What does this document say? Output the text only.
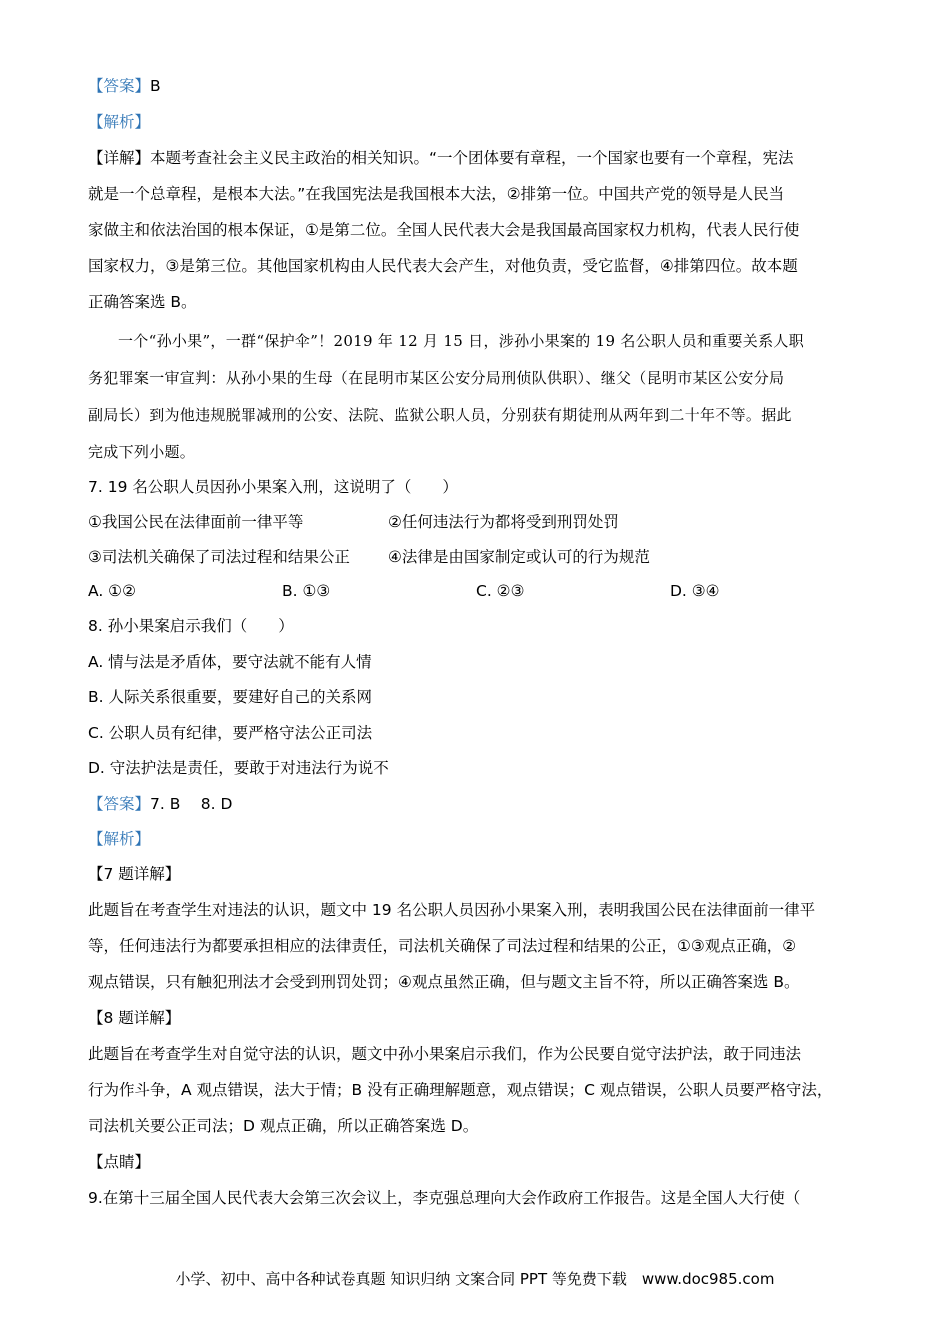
【答案】B
【解析】
【详解】本题考查社会主义民主政治的相关知识。“一个团体要有章程，一个国家也要有一个章程，宪法
就是一个总章程，是根本大法。”在我国宪法是我国根本大法，②排第一位。中国共产党的领导是人民当
家做主和依法治国的根本保证，①是第二位。全国人民代表大会是我国最高国家权力机构，代表人民行使
国家权力，③是第三位。其他国家机构由人民代表大会产生，对他负责，受它监督，④排第四位。故本题
正确答案选 B。
一个“孙小果”，一群“保护伞”！2019 年 12 月 15 日，涉孙小果案的 19 名公职人员和重要关系人职
务犯罪案一审宣判：从孙小果的生母（在昆明市某区公安分局刑侦队供职）、继父（昆明市某区公安分局
副局长）到为他违规脱罪减刑的公安、法院、监狱公职人员，分别获有期徒刑从两年到二十年不等。据此
完成下列小题。
7. 19 名公职人员因孙小果案入刑，这说明了（　　）
①我国公民在法律面前一律平等	②任何违法行为都将受到刑罚处罚
③司法机关确保了司法过程和结果公正 ④法律是由国家制定或认可的行为规范
A. ①②	B. ①③	C. ②③	D. ③④
8. 孙小果案启示我们（　　）
A. 情与法是矛盾体，要守法就不能有人情
B. 人际关系很重要，要建好自己的关系网
C. 公职人员有纪律，要严格守法公正司法
D. 守法护法是责任，要敢于对违法行为说不
【答案】7. B　 8. D
【解析】
【7 题详解】
此题旨在考查学生对违法的认识，题文中 19 名公职人员因孙小果案入刑，表明我国公民在法律面前一律平
等，任何违法行为都要承担相应的法律责任，司法机关确保了司法过程和结果的公正，①③观点正确，②
观点错误，只有触犯刑法才会受到刑罚处罚；④观点虽然正确，但与题文主旨不符，所以正确答案选 B。
【8 题详解】
此题旨在考查学生对自觉守法的认识，题文中孙小果案启示我们，作为公民要自觉守法护法，敢于同违法
行为作斗争，A 观点错误，法大于情；B 没有正确理解题意，观点错误；C 观点错误，公职人员要严格守法，
司法机关要公正司法；D 观点正确，所以正确答案选 D。
【点睛】
9.在第十三届全国人民代表大会第三次会议上，李克强总理向大会作政府工作报告。这是全国人大行使（
小学、初中、高中各种试卷真题 知识归纳 文案合同 PPT 等免费下载　www.doc985.com
